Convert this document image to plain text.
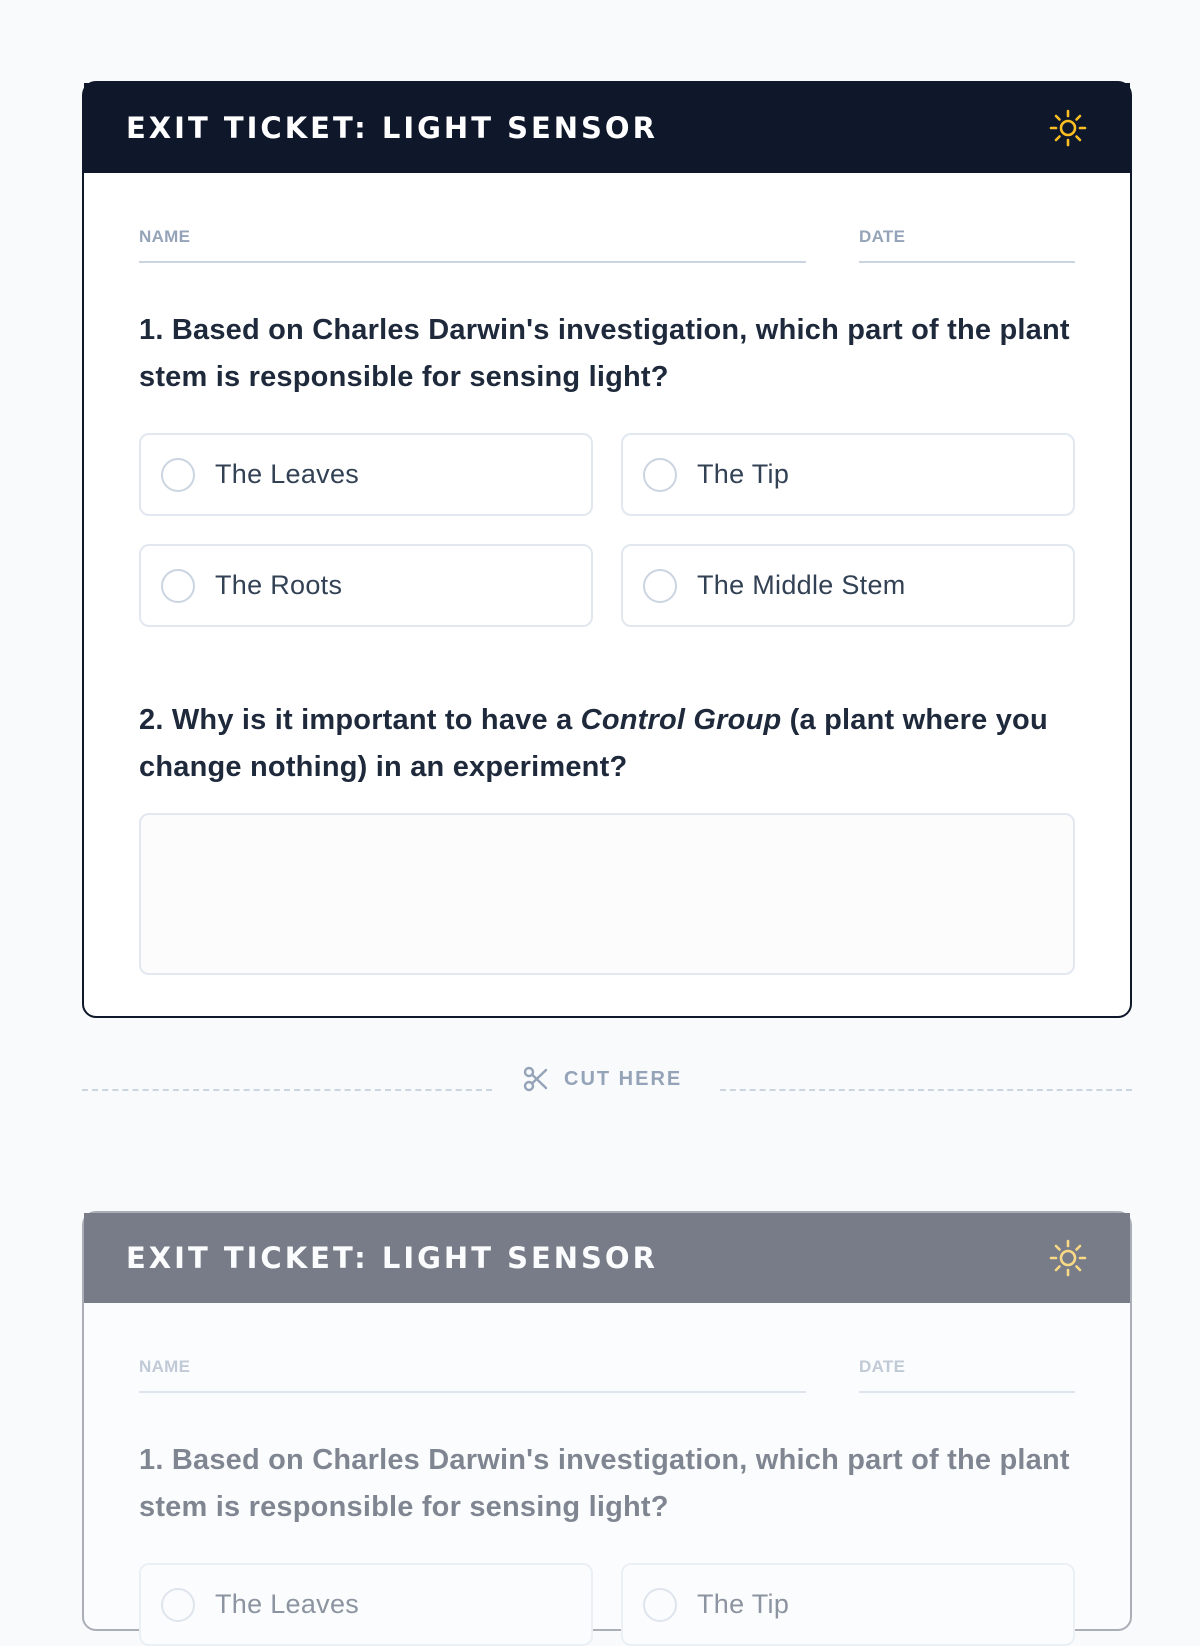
EXIT TICKET: LIGHT SENSOR
NAME	DATE
1. Based on Charles Darwin's investigation, which part of the plant stem is responsible for sensing light?
The Leaves	The Tip
The Roots	The Middle Stem
2. Why is it important to have a Control Group (a plant where you change nothing) in an experiment?
CUT HERE
EXIT TICKET: LIGHT SENSOR
NAME	DATE
1. Based on Charles Darwin's investigation, which part of the plant stem is responsible for sensing light?
The Leaves	The Tip
